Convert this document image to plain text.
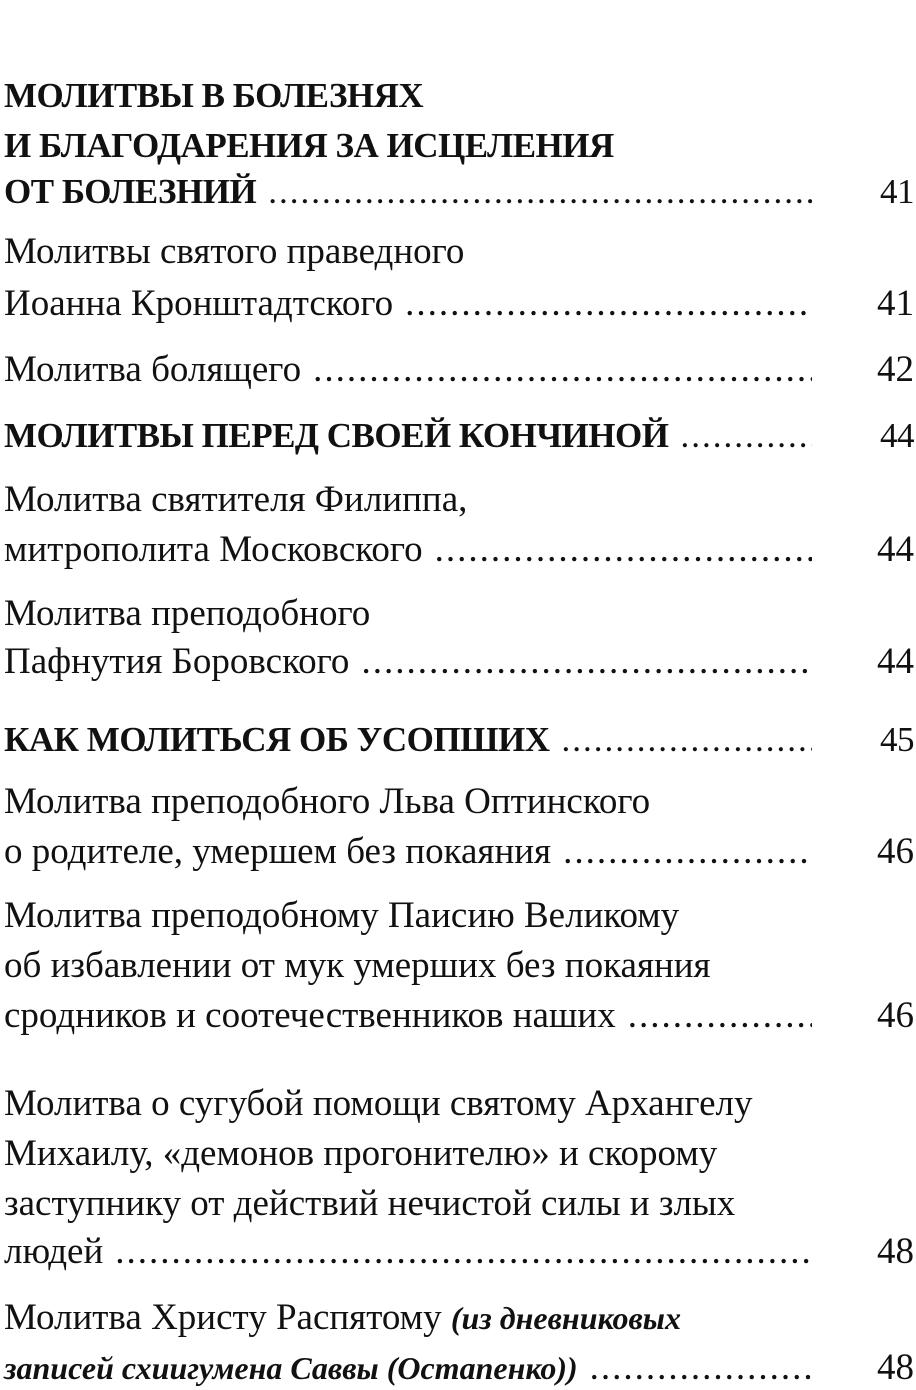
МОЛИТВЫ В БОЛЕЗНЯХ
И БЛАГОДАРЕНИЯ ЗА ИСЦЕЛЕНИЯ
ОТ БОЛЕЗНИЙ .....	41
Молитвы святого праведного
Иоанна Кронштадтского .....	41
Молитва болящего .....	42
МОЛИТВЫ ПЕРЕД СВОЕЙ КОНЧИНОЙ .....	44
Молитва святителя Филиппа,
митрополита Московского .....	44
Молитва преподобного
Пафнутия Боровского .....	44
КАК МОЛИТЬСЯ ОБ УСОПШИХ .....	45
Молитва преподобного Льва Оптинского
о родителе, умершем без покаяния .....	46
Молитва преподобному Паисию Великому
об избавлении от мук умерших без покаяния
сродников и соотечественников наших .....	46
Молитва о сугубой помощи святому Архангелу
Михаилу, «демонов прогонителю» и скорому
заступнику от действий нечистой силы и злых
людей .....	48
Молитва Христу Распятому (из дневниковых
записей схиигумена Саввы (Остапенко)) .....	48
